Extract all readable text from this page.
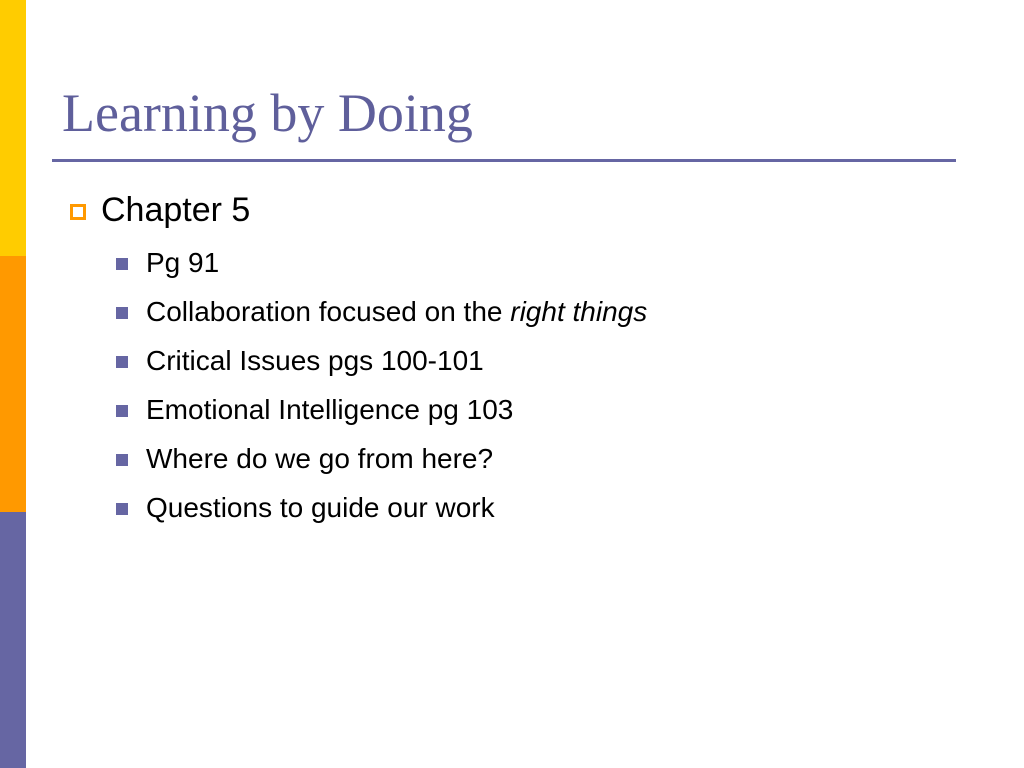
Learning by Doing
Chapter 5
Pg 91
Collaboration focused on the right things
Critical Issues pgs 100-101
Emotional Intelligence pg 103
Where do we go from here?
Questions to guide our work
